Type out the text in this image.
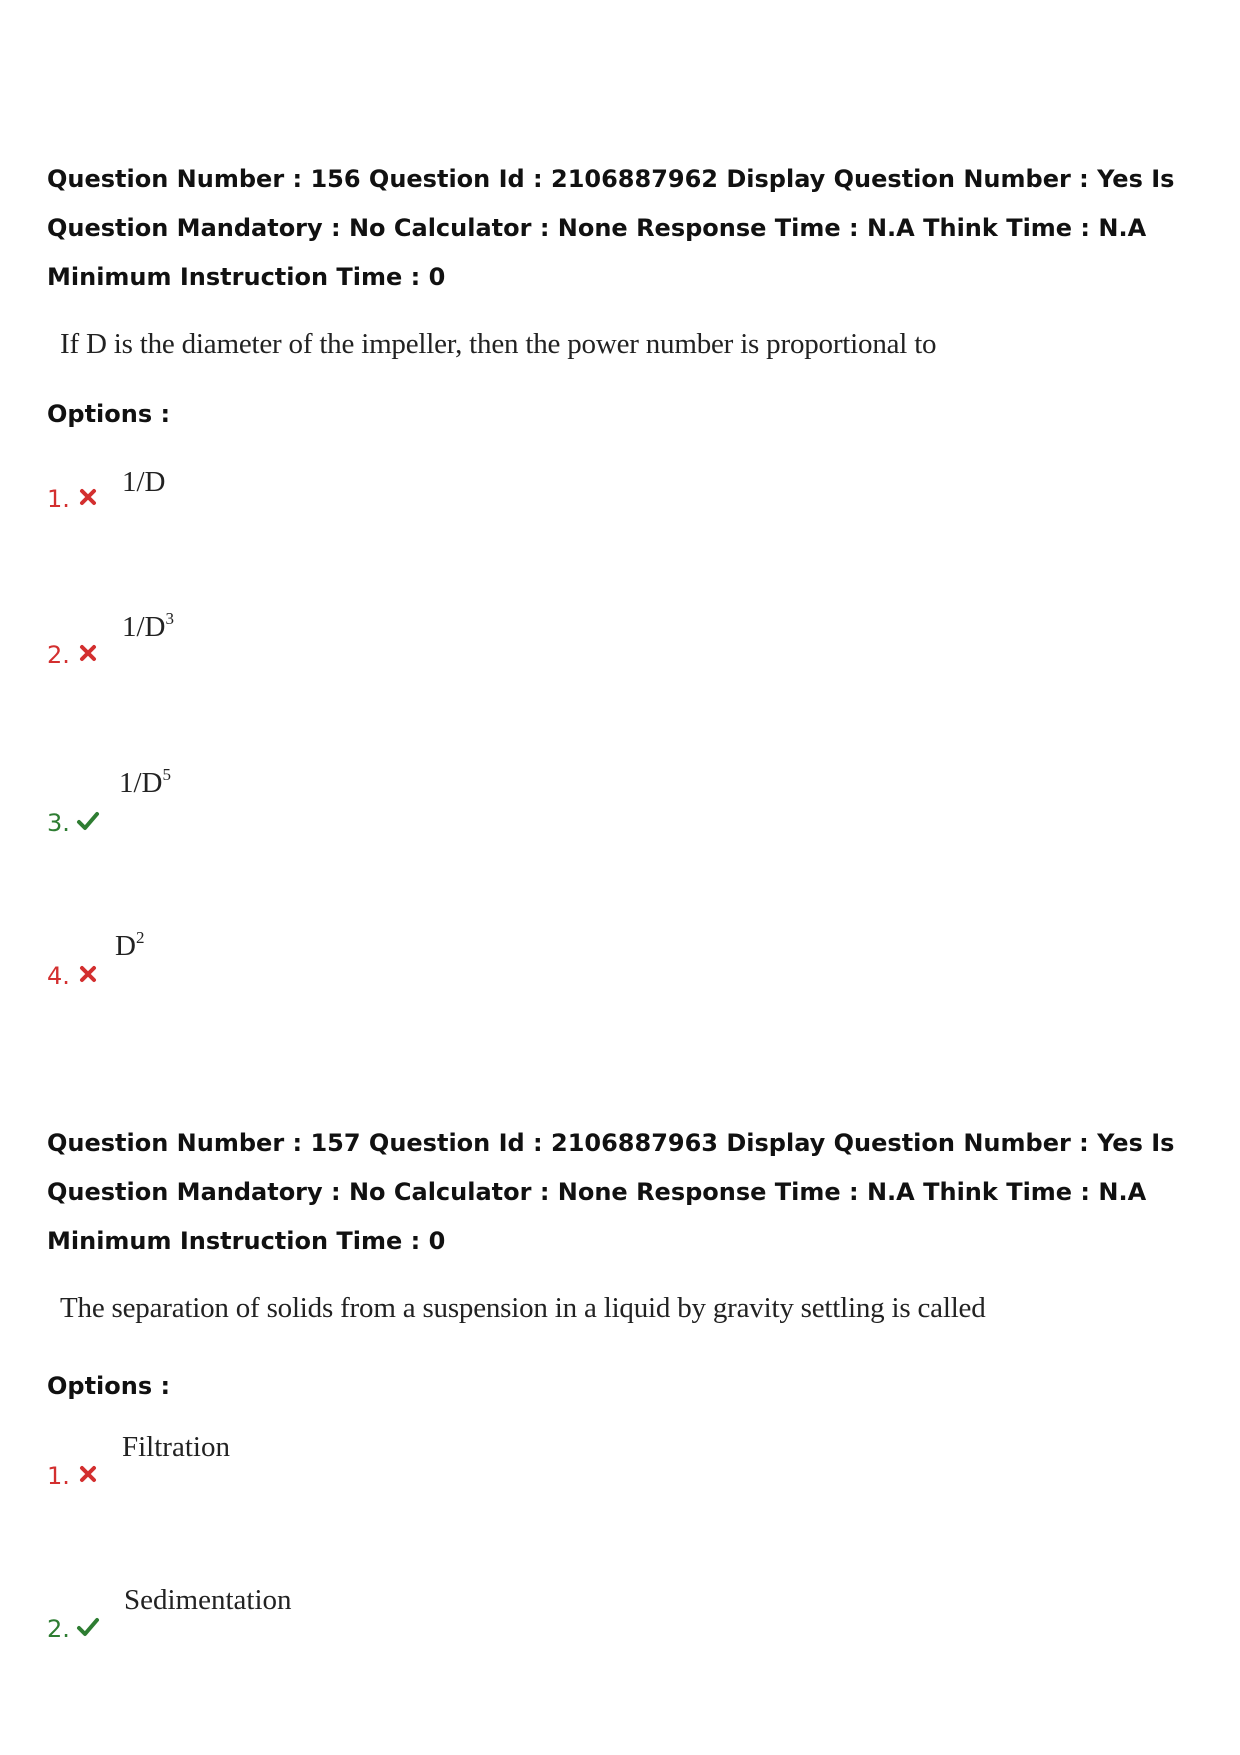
Question Number : 156 Question Id : 2106887962 Display Question Number : Yes Is Question Mandatory : No Calculator : None Response Time : N.A Think Time : N.A Minimum Instruction Time : 0
If D is the diameter of the impeller, then the power number is proportional to
Options :
1.
1/D
2.
$1/D^3$
3.
$1/D^5$
4.
$D^2$
Question Number : 157 Question Id : 2106887963 Display Question Number : Yes Is Question Mandatory : No Calculator : None Response Time : N.A Think Time : N.A Minimum Instruction Time : 0
The separation of solids from a suspension in a liquid by gravity settling is called
Options :
1.
Filtration
2.
Sedimentation
